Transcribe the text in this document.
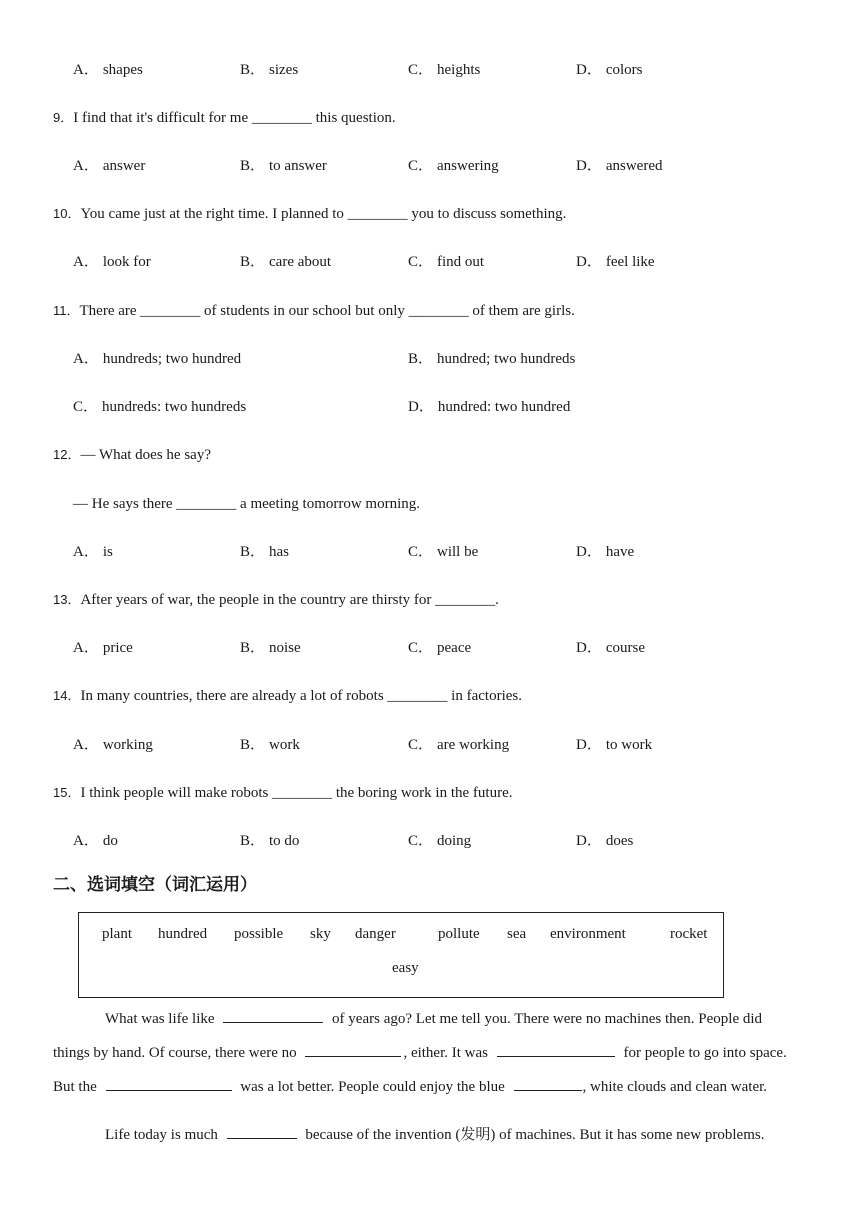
A． shapes	B． sizes	C． heights	D． colors
9．I find that it's difficult for me ________ this question.
A． answer	B． to answer	C． answering	D． answered
10．You came just at the right time. I planned to ________ you to discuss something.
A． look for	B． care about	C． find out	D． feel like
11．There are ________ of students in our school but only ________ of them are girls.
A． hundreds; two hundred	B． hundred; two hundreds
C． hundreds: two hundreds	D． hundred: two hundred
12．— What does he say?
— He says there ________ a meeting tomorrow morning.
A． is	B． has	C． will be	D． have
13．After years of war, the people in the country are thirsty for ________.
A． price	B． noise	C． peace	D． course
14．In many countries, there are already a lot of robots ________ in factories.
A． working	B． work	C． are working	D． to work
15．I think people will make robots ________ the boring work in the future.
A． do	B． to do	C． doing	D． does
二、选词填空（词汇运用）
plant hundred possible sky danger	pollute sea environment	rocket
easy
What was life like	of years ago? Let me tell you. There were no machines then. People did
things by hand. Of course, there were no	, either. It was	for people to go into space.
But the	was a lot better. People could enjoy the blue	, white clouds and clean water.
Life today is much	because of the invention (发明) of machines. But it has some new problems.
